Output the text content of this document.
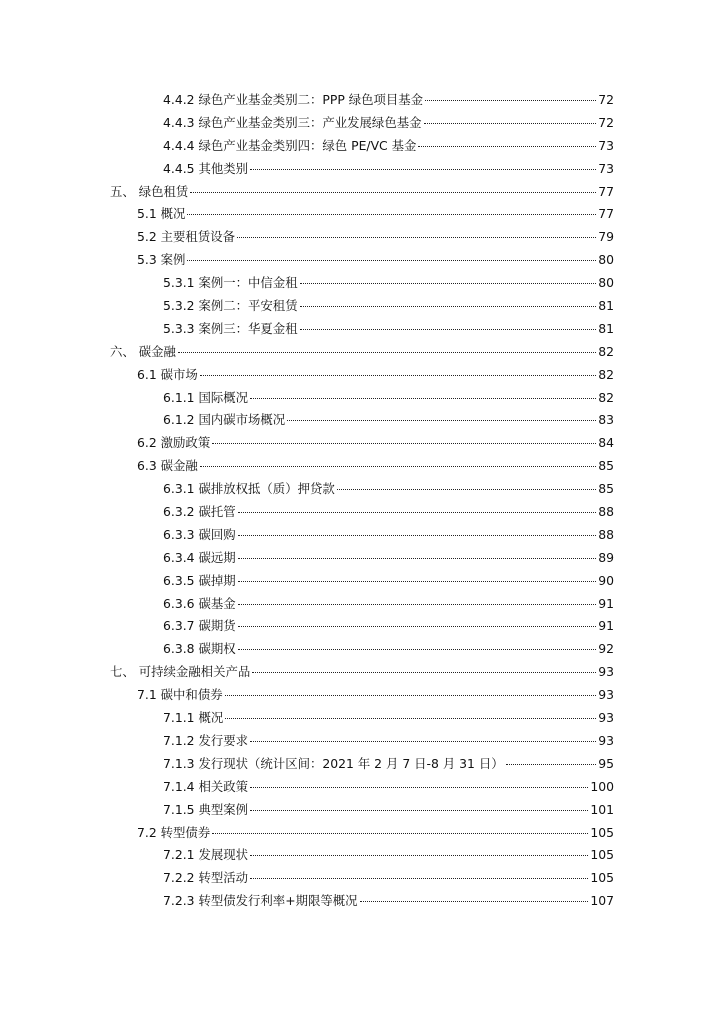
4.4.2 绿色产业基金类别二：PPP 绿色项目基金	72
4.4.3 绿色产业基金类别三：产业发展绿色基金	72
4.4.4 绿色产业基金类别四：绿色 PE/VC 基金	73
4.4.5 其他类别	73
五、 绿色租赁	77
5.1 概况	77
5.2 主要租赁设备	79
5.3 案例	80
5.3.1 案例一：中信金租	80
5.3.2 案例二：平安租赁	81
5.3.3 案例三：华夏金租	81
六、 碳金融	82
6.1 碳市场	82
6.1.1 国际概况	82
6.1.2 国内碳市场概况	83
6.2 激励政策	84
6.3 碳金融	85
6.3.1 碳排放权抵（质）押贷款	85
6.3.2 碳托管	88
6.3.3 碳回购	88
6.3.4 碳远期	89
6.3.5 碳掉期	90
6.3.6 碳基金	91
6.3.7 碳期货	91
6.3.8 碳期权	92
七、 可持续金融相关产品	93
7.1 碳中和债券	93
7.1.1 概况	93
7.1.2 发行要求	93
7.1.3 发行现状（统计区间：2021 年 2 月 7 日-8 月 31 日）	95
7.1.4 相关政策	100
7.1.5 典型案例	101
7.2 转型债券	105
7.2.1 发展现状	105
7.2.2 转型活动	105
7.2.3 转型债发行利率+期限等概况	107
